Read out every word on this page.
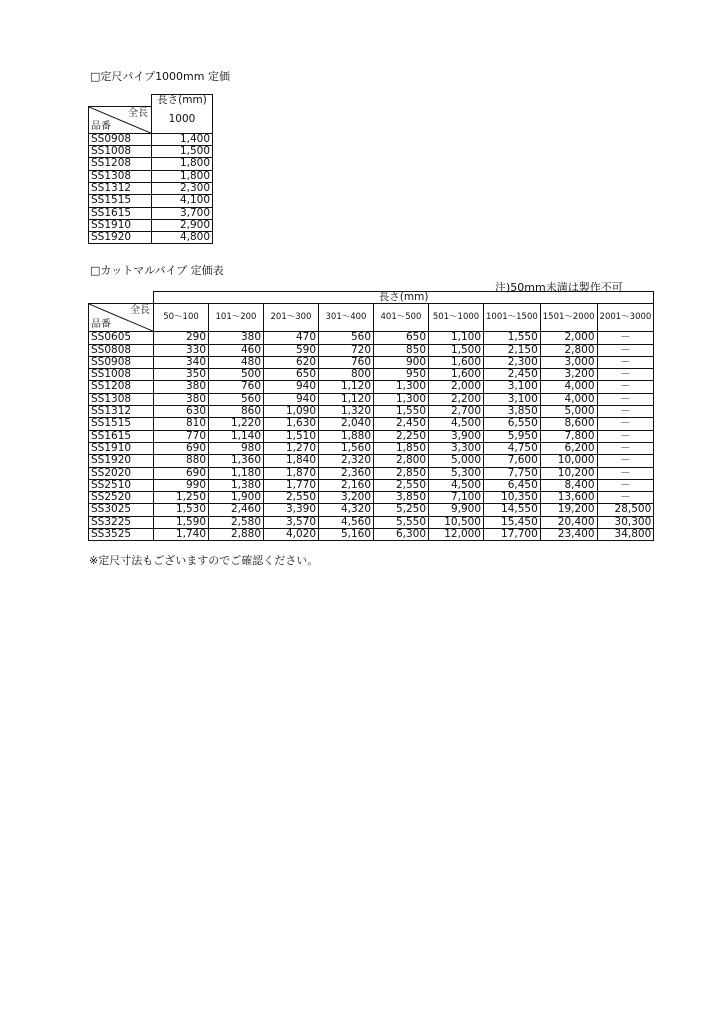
□定尺パイプ1000mm 定価
	長さ(mm)

全長
品番	1000
SS0908	1,400
SS1008	1,500
SS1208	1,800
SS1308	1,800
SS1312	2,300
SS1515	4,100
SS1615	3,700
SS1910	2,900
SS1920	4,800
□カットマルパイプ 定価表
注)50mm未満は製作不可
	長さ(mm)								

全長
品番	50～100	101～200	201～300	301～400	401～500	501～1000	1001～1500	1501～2000	2001～3000
SS0605	290	380	470	560	650	1,100	1,550	2,000	－
SS0808	330	460	590	720	850	1,500	2,150	2,800	－
SS0908	340	480	620	760	900	1,600	2,300	3,000	－
SS1008	350	500	650	800	950	1,600	2,450	3,200	－
SS1208	380	760	940	1,120	1,300	2,000	3,100	4,000	－
SS1308	380	560	940	1,120	1,300	2,200	3,100	4,000	－
SS1312	630	860	1,090	1,320	1,550	2,700	3,850	5,000	－
SS1515	810	1,220	1,630	2,040	2,450	4,500	6,550	8,600	－
SS1615	770	1,140	1,510	1,880	2,250	3,900	5,950	7,800	－
SS1910	690	980	1,270	1,560	1,850	3,300	4,750	6,200	－
SS1920	880	1,360	1,840	2,320	2,800	5,000	7,600	10,000	－
SS2020	690	1,180	1,870	2,360	2,850	5,300	7,750	10,200	－
SS2510	990	1,380	1,770	2,160	2,550	4,500	6,450	8,400	－
SS2520	1,250	1,900	2,550	3,200	3,850	7,100	10,350	13,600	－
SS3025	1,530	2,460	3,390	4,320	5,250	9,900	14,550	19,200	28,500
SS3225	1,590	2,580	3,570	4,560	5,550	10,500	15,450	20,400	30,300
SS3525	1,740	2,880	4,020	5,160	6,300	12,000	17,700	23,400	34,800
※定尺寸法もございますのでご確認ください。
